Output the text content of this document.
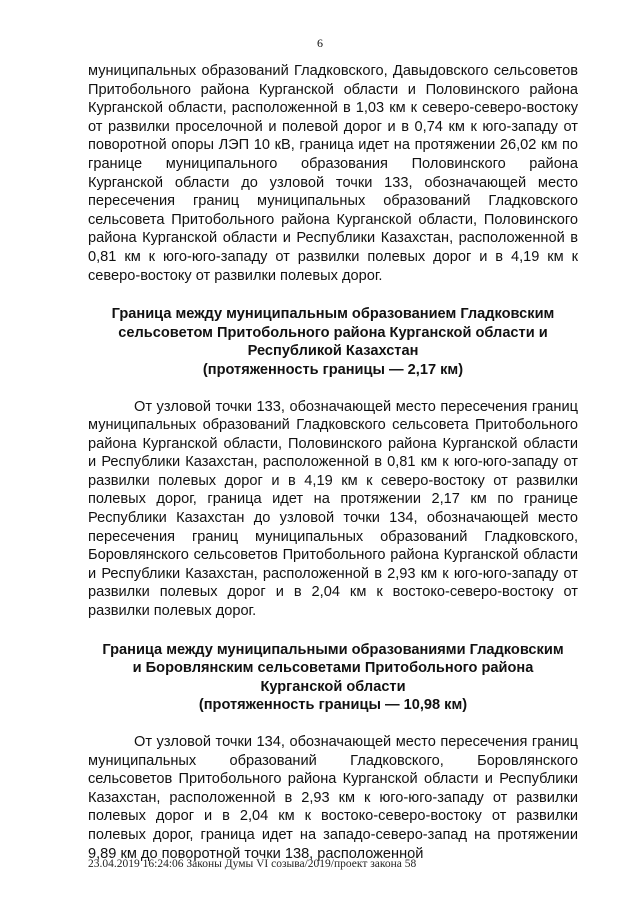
6

муниципальных образований Гладковского, Давыдовского сельсоветов Притобольного района Курганской области и Половинского района Курганской области, расположенной в 1,03 км к северо-северо-востоку от развилки проселочной и полевой дорог и в 0,74 км к юго-западу от поворотной опоры ЛЭП 10 кВ, граница идет на протяжении 26,02 км по границе муниципального образования Половинского района Курганской области до узловой точки 133, обозначающей место пересечения границ муниципальных образований Гладковского сельсовета Притобольного района Курганской области, Половинского района Курганской области и Республики Казахстан, расположенной в 0,81 км к юго-юго-западу от развилки полевых дорог и в 4,19 км к северо-востоку от развилки полевых дорог.

Граница между муниципальным образованием Гладковским
сельсоветом Притобольного района Курганской области и
Республикой Казахстан
(протяженность границы — 2,17 км)

От узловой точки 133, обозначающей место пересечения границ муниципальных образований Гладковского сельсовета Притобольного района Курганской области, Половинского района Курганской области и Республики Казахстан, расположенной в 0,81 км к юго-юго-западу от развилки полевых дорог и в 4,19 км к северо-востоку от развилки полевых дорог, граница идет на протяжении 2,17 км по границе Республики Казахстан до узловой точки 134, обозначающей место пересечения границ муниципальных образований Гладковского, Боровлянского сельсоветов Притобольного района Курганской области и Республики Казахстан, расположенной в 2,93 км к юго-юго-западу от развилки полевых дорог и в 2,04 км к востоко-северо-востоку от развилки полевых дорог.

Граница между муниципальными образованиями Гладковским
и Боровлянским сельсоветами Притобольного района
Курганской области
(протяженность границы — 10,98 км)

От узловой точки 134, обозначающей место пересечения границ муниципальных образований Гладковского, Боровлянского сельсоветов Притобольного района Курганской области и Республики Казахстан, расположенной в 2,93 км к юго-юго-западу от развилки полевых дорог и в 2,04 км к востоко-северо-востоку от развилки полевых дорог, граница идет на западо-северо-запад на протяжении 9,89 км до поворотной точки 138, расположенной

23.04.2019 16:24:06 Законы Думы VI созыва/2019/проект закона 58
